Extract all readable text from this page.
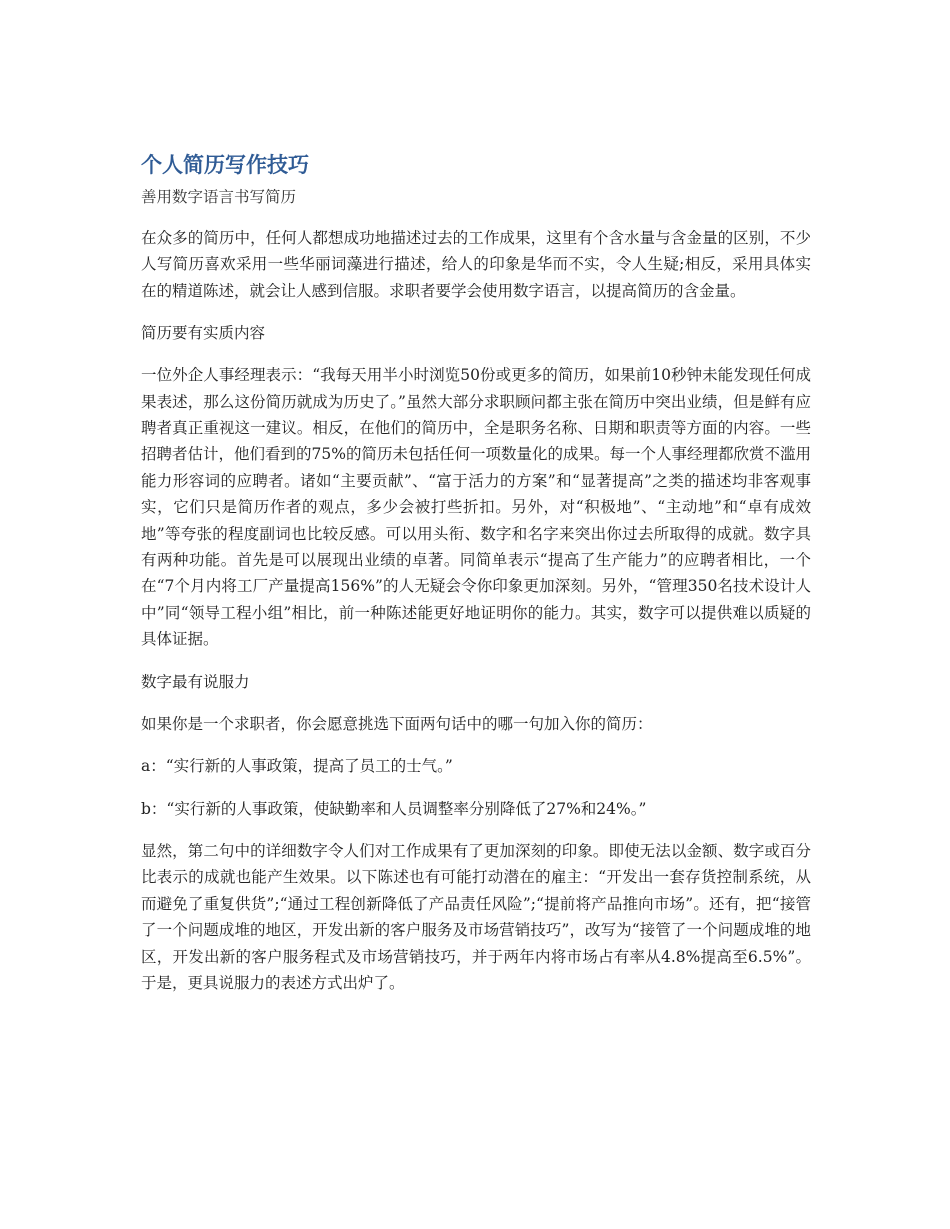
个人简历写作技巧
善用数字语言书写简历

在众多的简历中，任何人都想成功地描述过去的工作成果，这里有个含水量与含金量的区别，不少人写简历喜欢采用一些华丽词藻进行描述，给人的印象是华而不实，令人生疑;相反，采用具体实在的精道陈述，就会让人感到信服。求职者要学会使用数字语言，以提高简历的含金量。

简历要有实质内容

一位外企人事经理表示：“我每天用半小时浏览50份或更多的简历，如果前10秒钟未能发现任何成果表述，那么这份简历就成为历史了。”虽然大部分求职顾问都主张在简历中突出业绩，但是鲜有应聘者真正重视这一建议。相反，在他们的简历中，全是职务名称、日期和职责等方面的内容。一些招聘者估计，他们看到的75%的简历未包括任何一项数量化的成果。每一个人事经理都欣赏不滥用能力形容词的应聘者。诸如“主要贡献”、“富于活力的方案”和“显著提高”之类的描述均非客观事实，它们只是简历作者的观点，多少会被打些折扣。另外，对“积极地”、“主动地”和“卓有成效地”等夸张的程度副词也比较反感。可以用头衔、数字和名字来突出你过去所取得的成就。数字具有两种功能。首先是可以展现出业绩的卓著。同简单表示“提高了生产能力”的应聘者相比，一个在“7个月内将工厂产量提高156%”的人无疑会令你印象更加深刻。另外，“管理350名技术设计人中”同“领导工程小组”相比，前一种陈述能更好地证明你的能力。其实，数字可以提供难以质疑的具体证据。

数字最有说服力

如果你是一个求职者，你会愿意挑选下面两句话中的哪一句加入你的简历：

a：“实行新的人事政策，提高了员工的士气。”

b：“实行新的人事政策，使缺勤率和人员调整率分别降低了27%和24%。”

显然，第二句中的详细数字令人们对工作成果有了更加深刻的印象。即使无法以金额、数字或百分比表示的成就也能产生效果。以下陈述也有可能打动潜在的雇主：“开发出一套存货控制系统，从而避免了重复供货”;“通过工程创新降低了产品责任风险”;“提前将产品推向市场”。还有，把“接管了一个问题成堆的地区，开发出新的客户服务及市场营销技巧”，改写为“接管了一个问题成堆的地区，开发出新的客户服务程式及市场营销技巧，并于两年内将市场占有率从4.8%提高至6.5%”。于是，更具说服力的表述方式出炉了。
